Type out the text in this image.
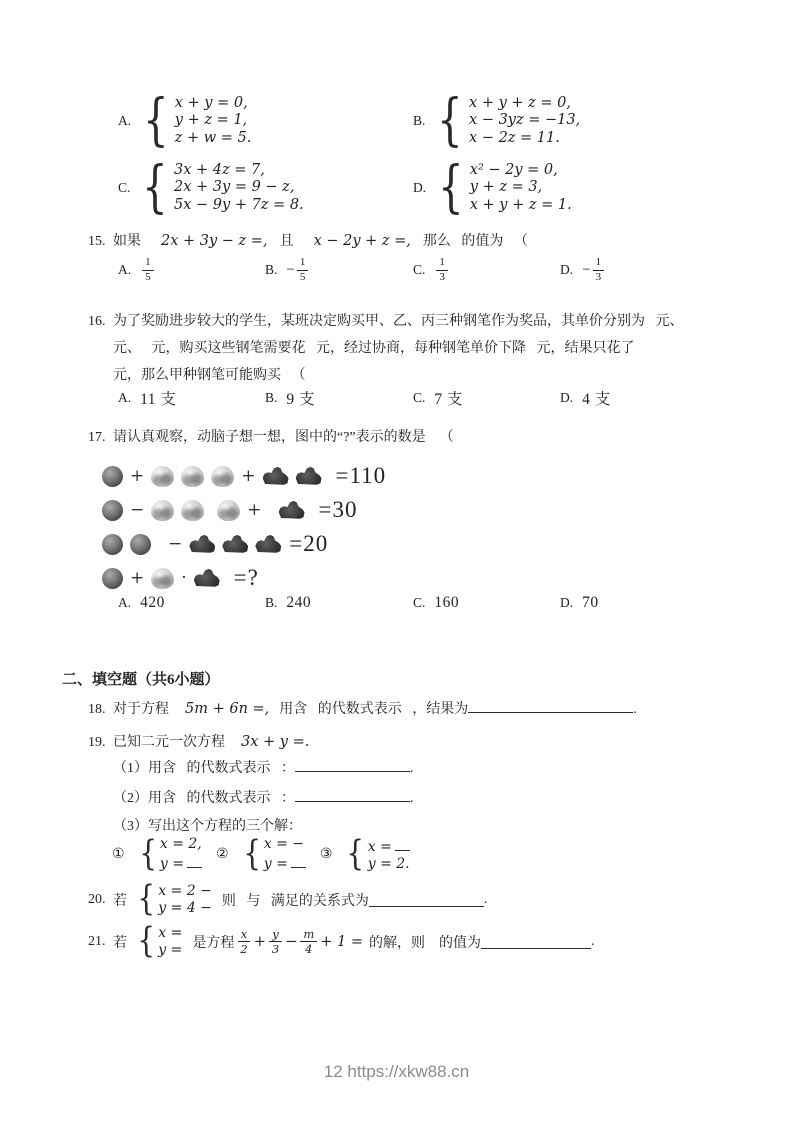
A. { x + y = 0,
y + z = 1,
z + w = 5.
B. { x + y + z = 0,
x − 3yz = −13,
x − 2z = 11.
C. { 3x + 4z = 7,
2x + 3y = 9 − z,
5x − 9y + 7z = 8.
D. { x² − 2y = 0,
y + z = 3,
x + y + z = 1.
15. 如果 2x + 3y − z =, 且 x − 2y + z =, 那么   的值为   （
A. $\frac{1}{5}$	B. − $\frac{1}{5}$	C. $\frac{1}{3}$	D. − $\frac{1}{3}$
16. 为了奖励进步较大的学生，某班决定购买甲、乙、丙三种钢笔作为奖品，其单价分别为   元、
元、   元，购买这些钢笔需要花   元，经过协商，每种钢笔单价下降   元，结果只花了
元，那么甲种钢笔可能购买   （
A. 11 支	B. 9 支	C. 7 支	D. 4 支
17. 请认真观察，动脑子想一想，图中的“?”表示的数是    （
+	+	=110
−	+ =30
−	=20
+ · =?
A. 420	B. 240	C. 160	D. 70
二、填空题（共6小题）
18. 对于方程 5m + 6n =, 用含   的代数式表示   ，结果为	.
19. 已知二元一次方程 3x + y =.
（1）用含   的代数式表示   ：	.
（2）用含   的代数式表示   ：	.
（3）写出这个方程的三个解：
① { x = 2,
y =
② { x = −
y =
③ { x =
y = 2.
20. 若 { x = 2 −
y = 4 − 则   与   满足的关系式为	.
21. 若 { x =
y = 是方程 $\frac{x}{2} + \frac{y}{3} - \frac{m}{4} + 1$ = 的解，则    的值为	.
12 https://xkw88.cn
